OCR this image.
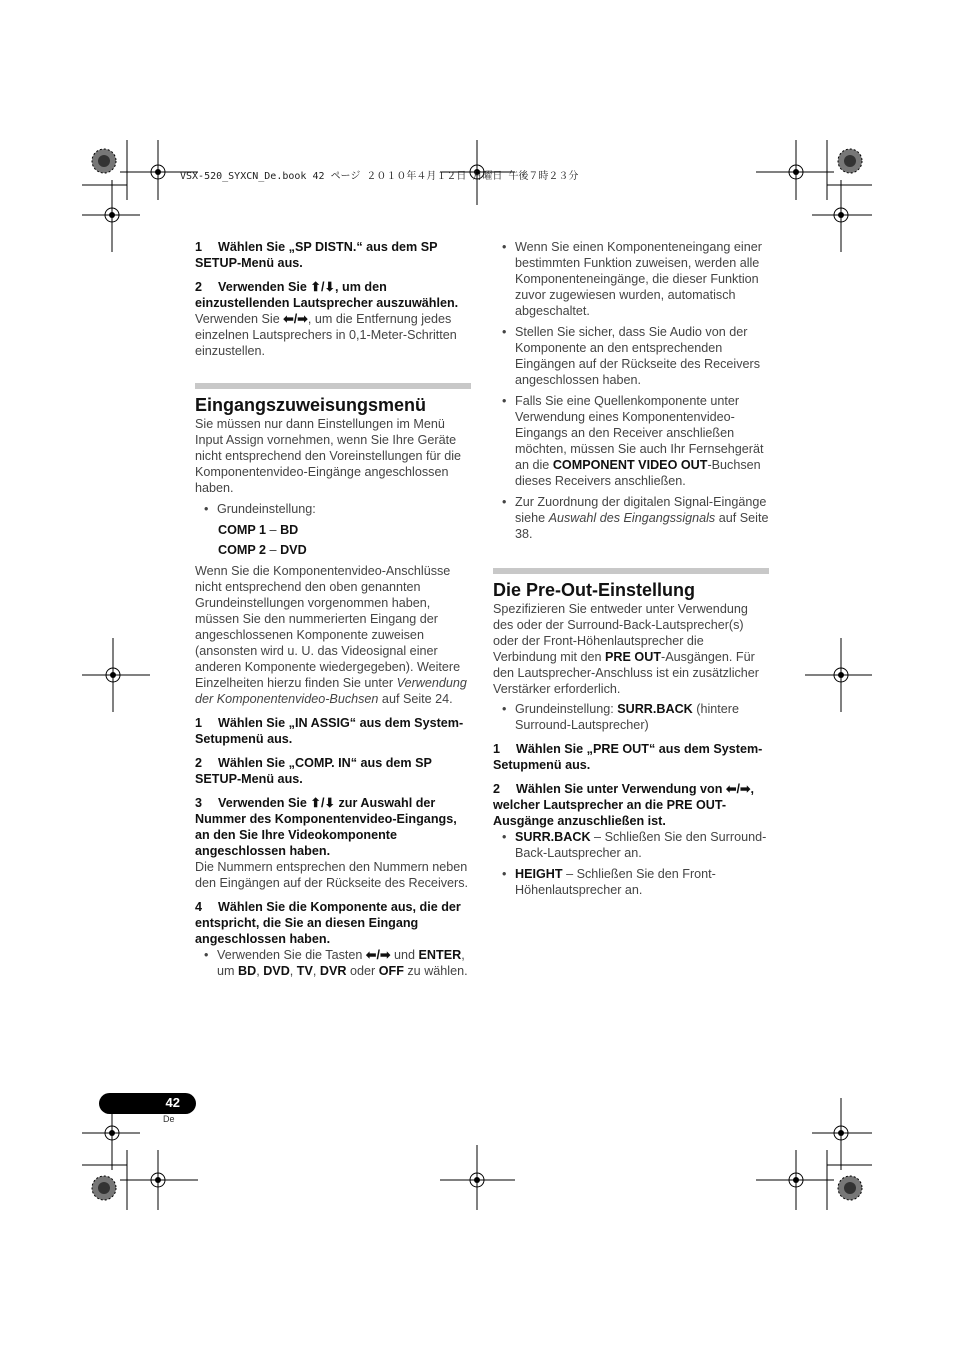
VSX-520_SYXCN_De.book 42 ページ ２０１０年４月１２日 月曜日 午後７時２３分

1 Wählen Sie „SP DISTN.“ aus dem SP SETUP-Menü aus.

2 Verwenden Sie ⬆/⬇, um den einzustellenden Lautsprecher auszuwählen.

Verwenden Sie ⬅/➡, um die Entfernung jedes einzelnen Lautsprechers in 0,1-Meter-Schritten einzustellen.

Eingangszuweisungsmenü

Sie müssen nur dann Einstellungen im Menü Input Assign vornehmen, wenn Sie Ihre Geräte nicht entsprechend den Voreinstellungen für die Komponentenvideo-Eingänge angeschlossen haben.

• Grundeinstellung:

COMP 1 – BD

COMP 2 – DVD

Wenn Sie die Komponentenvideo-Anschlüsse nicht entsprechend den oben genannten Grundeinstellungen vorgenommen haben, müssen Sie den nummerierten Eingang der angeschlossenen Komponente zuweisen (ansonsten wird u. U. das Videosignal einer anderen Komponente wiedergegeben). Weitere Einzelheiten hierzu finden Sie unter Verwendung der Komponentenvideo-Buchsen auf Seite 24.

1 Wählen Sie „IN ASSIG“ aus dem System-Setupmenü aus.

2 Wählen Sie „COMP. IN“ aus dem SP SETUP-Menü aus.

3 Verwenden Sie ⬆/⬇ zur Auswahl der Nummer des Komponentenvideo-Eingangs, an den Sie Ihre Videokomponente angeschlossen haben.

Die Nummern entsprechen den Nummern neben den Eingängen auf der Rückseite des Receivers.

4 Wählen Sie die Komponente aus, die der entspricht, die Sie an diesen Eingang angeschlossen haben.

• Verwenden Sie die Tasten ⬅/➡ und ENTER, um BD, DVD, TV, DVR oder OFF zu wählen.
• Wenn Sie einen Komponenteneingang einer bestimmten Funktion zuweisen, werden alle Komponenteneingänge, die dieser Funktion zuvor zugewiesen wurden, automatisch abgeschaltet.
• Stellen Sie sicher, dass Sie Audio von der Komponente an den entsprechenden Eingängen auf der Rückseite des Receivers angeschlossen haben.
• Falls Sie eine Quellenkomponente unter Verwendung eines Komponentenvideo-Eingangs an den Receiver anschließen möchten, müssen Sie auch Ihr Fernsehgerät an die COMPONENT VIDEO OUT-Buchsen dieses Receivers anschließen.
• Zur Zuordnung der digitalen Signal-Eingänge siehe Auswahl des Eingangssignals auf Seite 38.
Die Pre-Out-Einstellung

Spezifizieren Sie entweder unter Verwendung des oder der Surround-Back-Lautsprecher(s) oder der Front-Höhenlautsprecher die Verbindung mit den PRE OUT-Ausgängen. Für den Lautsprecher-Anschluss ist ein zusätzlicher Verstärker erforderlich.

• Grundeinstellung: SURR.BACK (hintere Surround-Lautsprecher)

1 Wählen Sie „PRE OUT“ aus dem System-Setupmenü aus.

2 Wählen Sie unter Verwendung von ⬅/➡, welcher Lautsprecher an die PRE OUT-Ausgänge anzuschließen ist.

• SURR.BACK – Schließen Sie den Surround-Back-Lautsprecher an.
• HEIGHT – Schließen Sie den Front-Höhenlautsprecher an.
42
De
